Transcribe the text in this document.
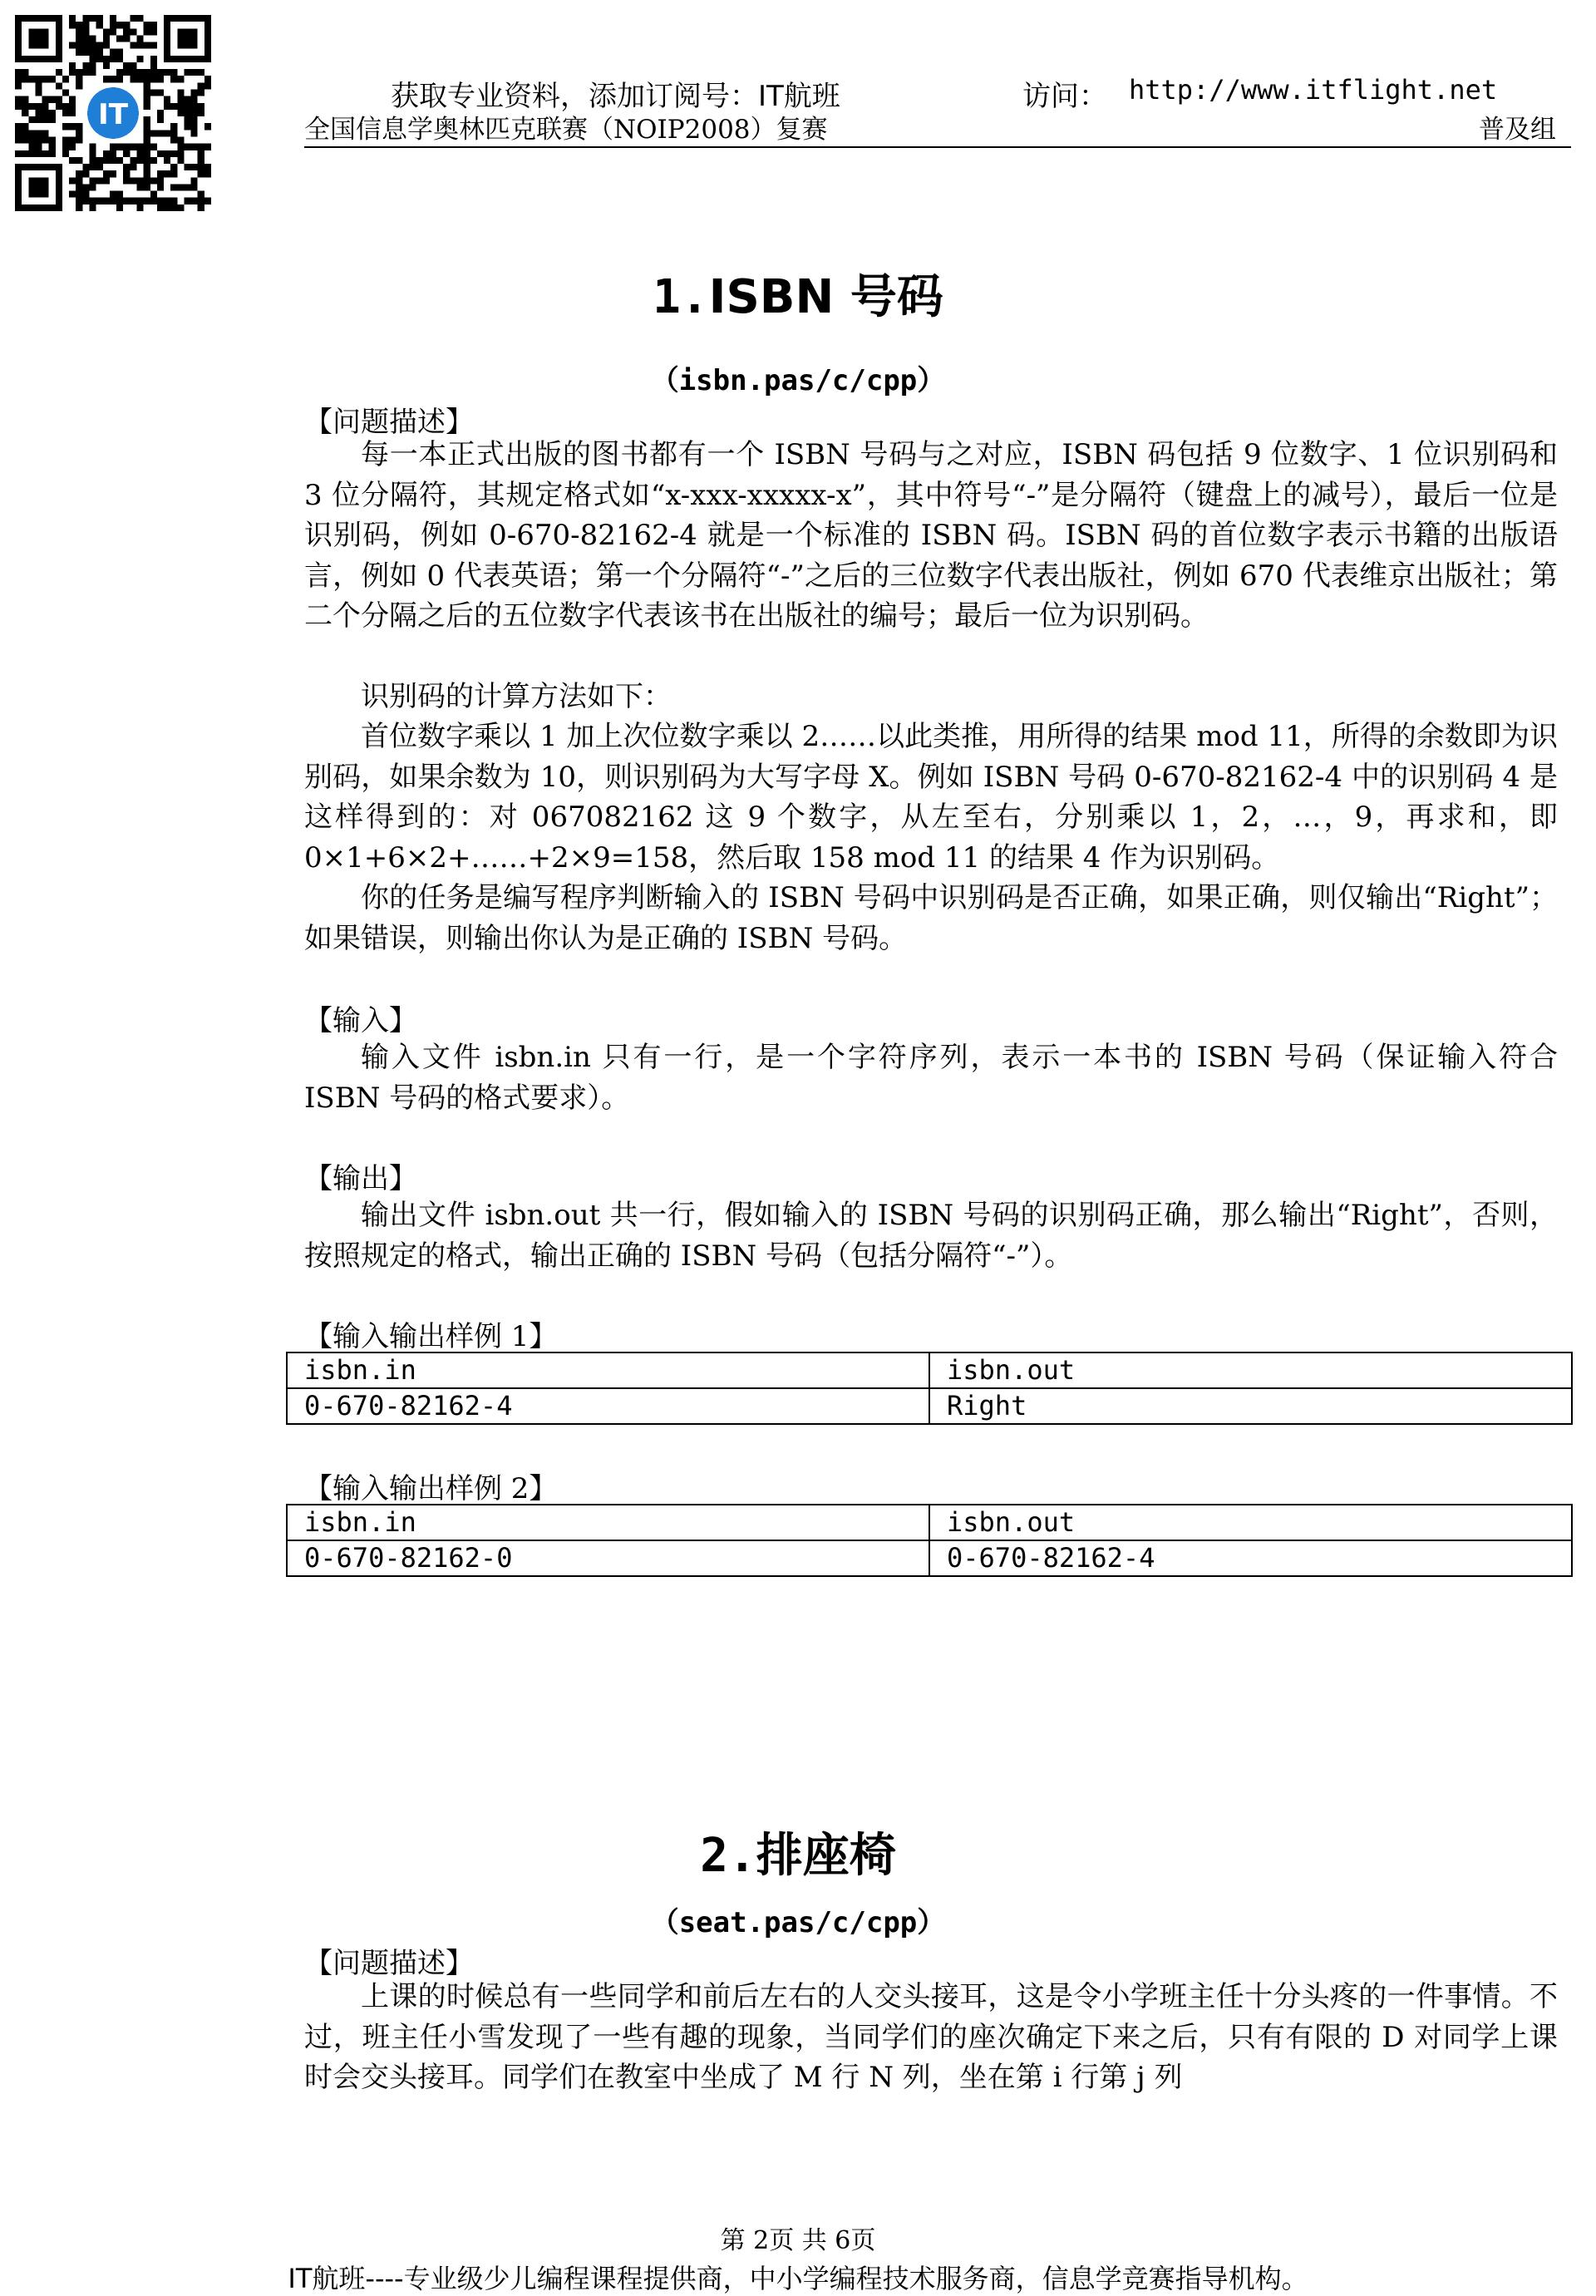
IT
获取专业资料，添加订阅号：IT航班	访问： http://www.itflight.net
全国信息学奥林匹克联赛（NOIP2008）复赛	普及组
1.ISBN 号码
（isbn.pas/c/cpp）
【问题描述】

每一本正式出版的图书都有一个 ISBN 号码与之对应，ISBN 码包括 9 位数字、1 位识别码和 3 位分隔符，其规定格式如“x-xxx-xxxxx-x”，其中符号“-”是分隔符（键盘上的减号），最后一位是识别码，例如 0-670-82162-4 就是一个标准的 ISBN 码。ISBN 码的首位数字表示书籍的出版语言，例如 0 代表英语；第一个分隔符“-”之后的三位数字代表出版社，例如 670 代表维京出版社；第二个分隔之后的五位数字代表该书在出版社的编号；最后一位为识别码。

识别码的计算方法如下：

首位数字乘以 1 加上次位数字乘以 2……以此类推，用所得的结果 mod 11，所得的余数即为识别码，如果余数为 10，则识别码为大写字母 X。例如 ISBN 号码 0-670-82162-4 中的识别码 4 是这样得到的：对 067082162 这 9 个数字，从左至右，分别乘以 1，2，…，9，再求和，即 0×1+6×2+……+2×9=158，然后取 158 mod 11 的结果 4 作为识别码。

你的任务是编写程序判断输入的 ISBN 号码中识别码是否正确，如果正确，则仅输出“Right”；如果错误，则输出你认为是正确的 ISBN 号码。

【输入】

输入文件 isbn.in 只有一行，是一个字符序列，表示一本书的 ISBN 号码（保证输入符合 ISBN 号码的格式要求）。

【输出】

输出文件 isbn.out 共一行，假如输入的 ISBN 号码的识别码正确，那么输出“Right”，否则，按照规定的格式，输出正确的 ISBN 号码（包括分隔符“-”）。

【输入输出样例 1】
isbn.in	isbn.out
0-670-82162-4	Right
【输入输出样例 2】
isbn.in	isbn.out
0-670-82162-0	0-670-82162-4
2.排座椅
（seat.pas/c/cpp）
【问题描述】

上课的时候总有一些同学和前后左右的人交头接耳，这是令小学班主任十分头疼的一件事情。不过，班主任小雪发现了一些有趣的现象，当同学们的座次确定下来之后，只有有限的 D 对同学上课时会交头接耳。同学们在教室中坐成了 M 行 N 列，坐在第 i 行第 j 列

第 2页 共 6页
IT航班----专业级少儿编程课程提供商，中小学编程技术服务商，信息学竞赛指导机构。
